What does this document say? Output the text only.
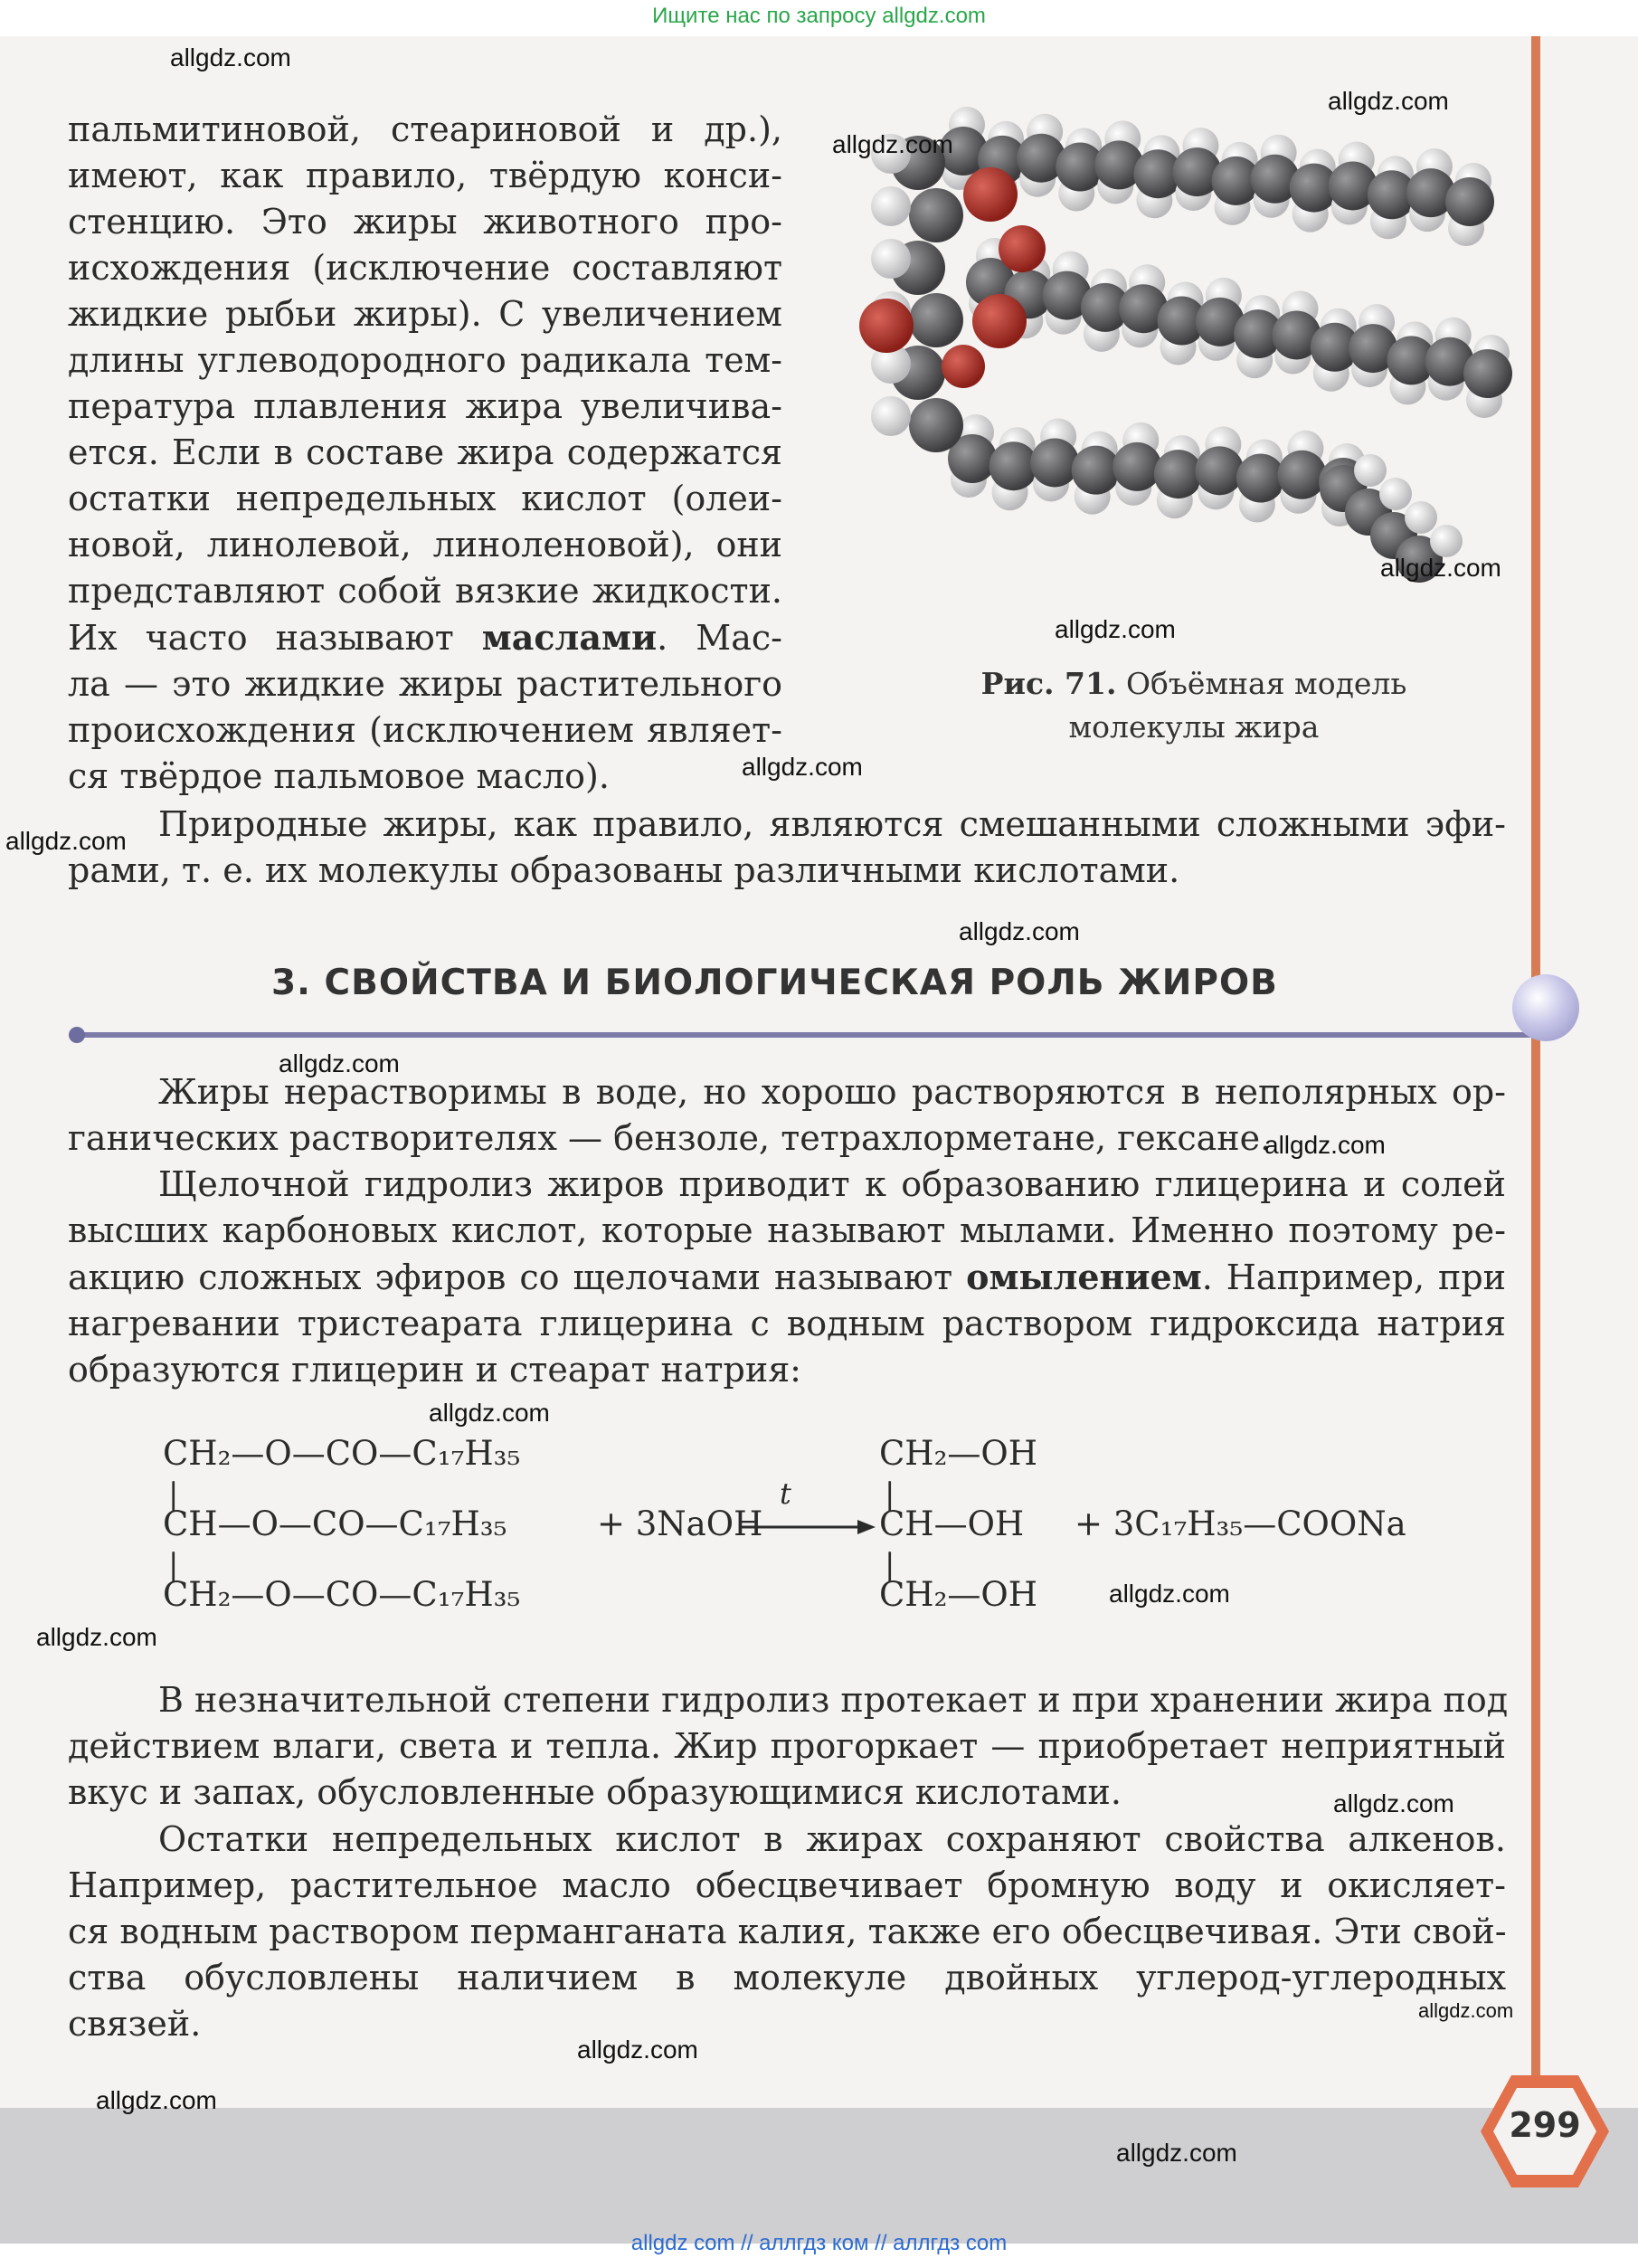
Ищите нас по запросу allgdz.com
Рис. 71. Объёмная модель
молекулы жира
пальмитиновой, стеариновой и др.),
имеют, как правило, твёрдую конси-
стенцию. Это жиры животного про-
исхождения (исключение составляют
жидкие рыбьи жиры). С увеличением
длины углеводородного радикала тем-
пература плавления жира увеличива-
ется. Если в составе жира содержатся
остатки непредельных кислот (олеи-
новой, линолевой, линоленовой), они
представляют собой вязкие жидкости.
Их часто называют маслами. Мас-
ла — это жидкие жиры растительного
происхождения (исключением являет-
ся твёрдое пальмовое масло).
Природные жиры, как правило, являются смешанными сложными эфи-
рами, т. е. их молекулы образованы различными кислотами.
3. СВОЙСТВА И БИОЛОГИЧЕСКАЯ РОЛЬ ЖИРОВ
Жиры нерастворимы в воде, но хорошо растворяются в неполярных ор-
ганических растворителях — бензоле, тетрахлорметане, гексане.
Щелочной гидролиз жиров приводит к образованию глицерина и солей
высших карбоновых кислот, которые называют мылами. Именно поэтому ре-
акцию сложных эфиров со щелочами называют омылением. Например, при
нагревании тристеарата глицерина с водным раствором гидроксида натрия
образуются глицерин и стеарат натрия:
CH₂—O—CO—C₁₇H₃₅
|
CH—O—CO—C₁₇H₃₅
|
CH₂—O—CO—C₁₇H₃₅
+ 3NaOH
t
CH₂—OH
|
CH—OH
|
CH₂—OH
+ 3C₁₇H₃₅—COONa
В незначительной степени гидролиз протекает и при хранении жира под
действием влаги, света и тепла. Жир прогоркает — приобретает неприятный
вкус и запах, обусловленные образующимися кислотами.
Остатки непредельных кислот в жирах сохраняют свойства алкенов.
Например, растительное масло обесцвечивает бромную воду и окисляет-
ся водным раствором перманганата калия, также его обесцвечивая. Эти свой-
ства обусловлены наличием в молекуле двойных углерод-углеродных
связей.
299
allgdz.com
allgdz.com
allgdz.com
allgdz.com
allgdz.com
allgdz.com
allgdz.com
allgdz.com
allgdz.com
allgdz.com
allgdz.com
allgdz.com
allgdz.com
allgdz.com
allgdz.com
allgdz.com
allgdz.com
allgdz.com
allgdz com // аллгдз ком // аллгдз com
